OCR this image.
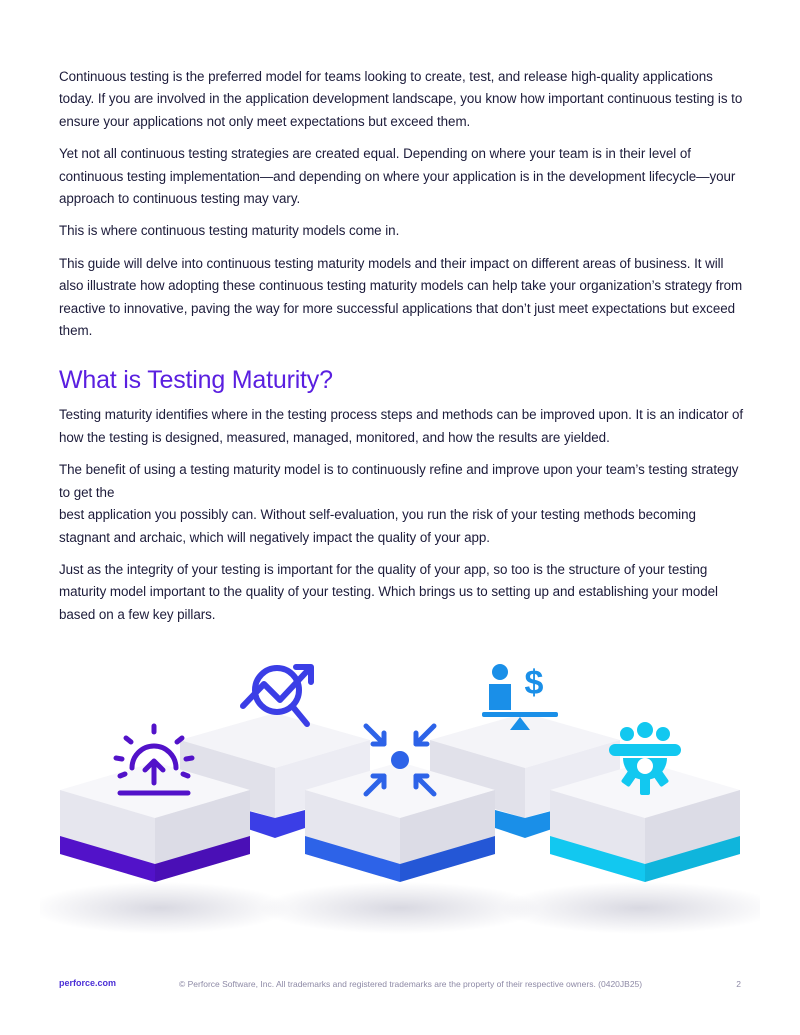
Continuous testing is the preferred model for teams looking to create, test, and release high-quality applications today. If you are involved in the application development landscape, you know how important continuous testing is to ensure your applications not only meet expectations but exceed them.

Yet not all continuous testing strategies are created equal. Depending on where your team is in their level of continuous testing implementation—and depending on where your application is in the development lifecycle—your approach to continuous testing may vary.

This is where continuous testing maturity models come in.

This guide will delve into continuous testing maturity models and their impact on different areas of business. It will also illustrate how adopting these continuous testing maturity models can help take your organization’s strategy from reactive to innovative, paving the way for more successful applications that don’t just meet expectations but exceed them.

What is Testing Maturity?

Testing maturity identifies where in the testing process steps and methods can be improved upon. It is an indicator of how the testing is designed, measured, managed, monitored, and how the results are yielded.

The benefit of using a testing maturity model is to continuously refine and improve upon your team’s testing strategy to get the

best application you possibly can. Without self-evaluation, you run the risk of your testing methods becoming stagnant and archaic, which will negatively impact the quality of your app.

Just as the integrity of your testing is important for the quality of your app, so too is the structure of your testing maturity model important to the quality of your testing. Which brings us to setting up and establishing your model based on a few key pillars.

$
perforce.com	© Perforce Software, Inc. All trademarks and registered trademarks are the property of their respective owners. (0420JB25)	2
